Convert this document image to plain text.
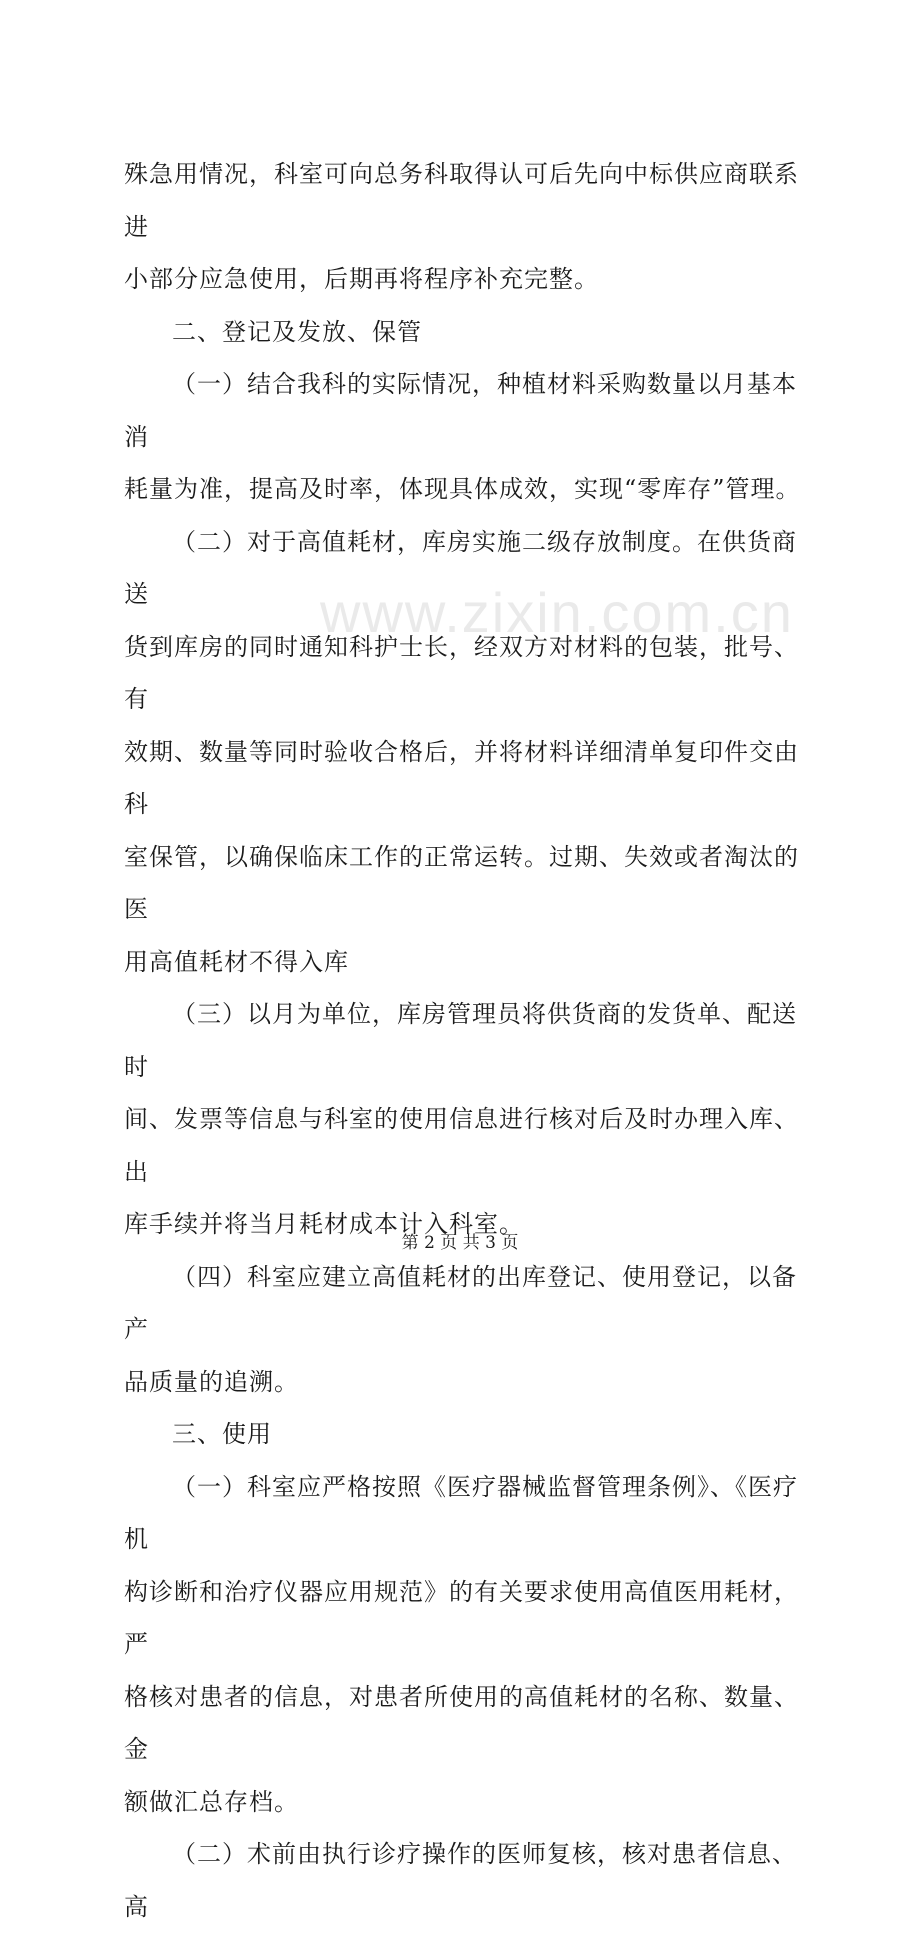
殊急用情况，科室可向总务科取得认可后先向中标供应商联系进
小部分应急使用，后期再将程序补充完整。

二、登记及发放、保管

（一）结合我科的实际情况，种植材料采购数量以月基本消
耗量为准，提高及时率，体现具体成效，实现“零库存”管理。

（二）对于高值耗材，库房实施二级存放制度。在供货商送
货到库房的同时通知科护士长，经双方对材料的包装，批号、有
效期、数量等同时验收合格后，并将材料详细清单复印件交由科
室保管，以确保临床工作的正常运转。过期、失效或者淘汰的医
用高值耗材不得入库

（三）以月为单位，库房管理员将供货商的发货单、配送时
间、发票等信息与科室的使用信息进行核对后及时办理入库、出
库手续并将当月耗材成本计入科室。

（四）科室应建立高值耗材的出库登记、使用登记，以备产
品质量的追溯。

三、使用

（一）科室应严格按照《医疗器械监督管理条例》、《医疗机
构诊断和治疗仪器应用规范》的有关要求使用高值医用耗材，严
格核对患者的信息，对患者所使用的高值耗材的名称、数量、金
额做汇总存档。

（二）术前由执行诊疗操作的医师复核，核对患者信息、高

www.zixin.com.cn
第 2 页 共 3 页
